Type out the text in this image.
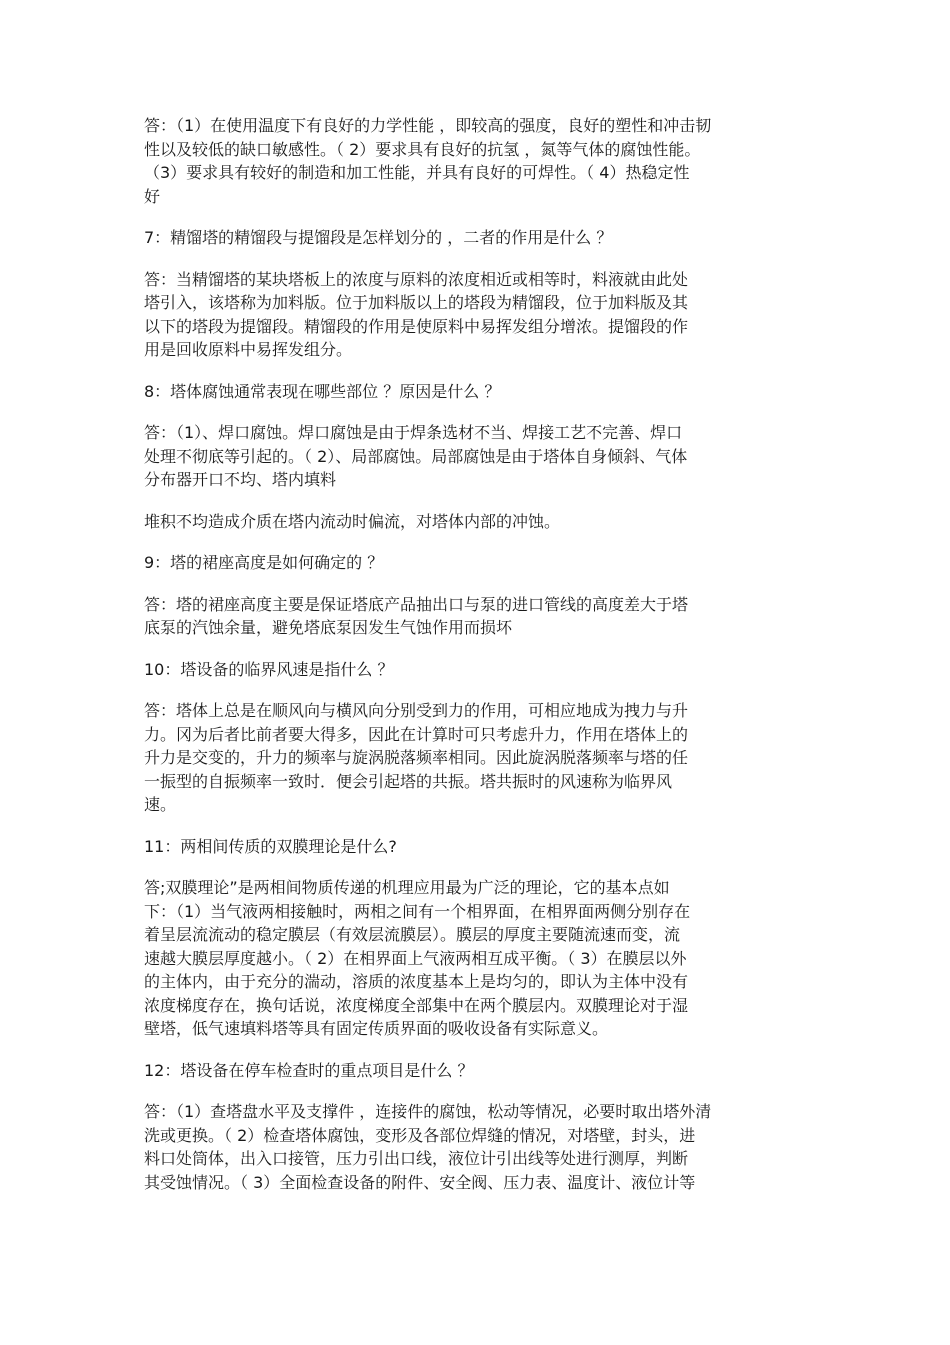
答：（1）在使用温度下有良好的力学性能 ，即较高的强度，良好的塑性和冲击韧
性以及较低的缺口敏感性。（ 2）要求具有良好的抗氢 ，氮等气体的腐蚀性能。
（3）要求具有较好的制造和加工性能，并具有良好的可焊性。（ 4）热稳定性
好
7：精馏塔的精馏段与提馏段是怎样划分的 ，二者的作用是什么 ？
答：当精馏塔的某块塔板上的浓度与原料的浓度相近或相等时，料液就由此处
塔引入，该塔称为加料版。位于加料版以上的塔段为精馏段，位于加料版及其
以下的塔段为提馏段。精馏段的作用是使原料中易挥发组分增浓。提馏段的作
用是回收原料中易挥发组分。
8：塔体腐蚀通常表现在哪些部位 ？原因是什么 ？
答：（1）、焊口腐蚀。焊口腐蚀是由于焊条选材不当、焊接工艺不完善、焊口
处理不彻底等引起的。（ 2）、局部腐蚀。局部腐蚀是由于塔体自身倾斜、气体
分布器开口不均、塔内填料
堆积不均造成介质在塔内流动时偏流，对塔体内部的冲蚀。
9：塔的裙座高度是如何确定的 ？
答：塔的裙座高度主要是保证塔底产品抽出口与泵的进口管线的高度差大于塔
底泵的汽蚀余量，避免塔底泵因发生气蚀作用而损坏
10：塔设备的临界风速是指什么 ？
答：塔体上总是在顺风向与横风向分别受到力的作用，可相应地成为拽力与升
力。冈为后者比前者要大得多，因此在计算时可只考虑升力，作用在塔体上的
升力是交变的，升力的频率与旋涡脱落频率相同。因此旋涡脱落频率与塔的任
一振型的自振频率一致时．便会引起塔的共振。塔共振时的风速称为临界风
速。
11：两相间传质的双膜理论是什么?
答;双膜理论”是两相间物质传递的机理应用最为广泛的理论，它的基本点如
下：（1）当气液两相接触时，两相之间有一个相界面，在相界面两侧分别存在
着呈层流流动的稳定膜层（有效层流膜层）。膜层的厚度主要随流速而变，流
速越大膜层厚度越小。（ 2）在相界面上气液两相互成平衡。（ 3）在膜层以外
的主体内，由于充分的湍动，溶质的浓度基本上是均匀的，即认为主体中没有
浓度梯度存在，换句话说，浓度梯度全部集中在两个膜层内。双膜理论对于湿
壁塔，低气速填料塔等具有固定传质界面的吸收设备有实际意义。
12：塔设备在停车检查时的重点项目是什么 ？
答：（1）查塔盘水平及支撑件 ，连接件的腐蚀，松动等情况，必要时取出塔外清
洗或更换。（ 2）检查塔体腐蚀，变形及各部位焊缝的情况，对塔壁，封头，进
料口处筒体，出入口接管，压力引出口线，液位计引出线等处进行测厚，判断
其受蚀情况。（ 3）全面检查设备的附件、安全阀、压力表、温度计、液位计等
